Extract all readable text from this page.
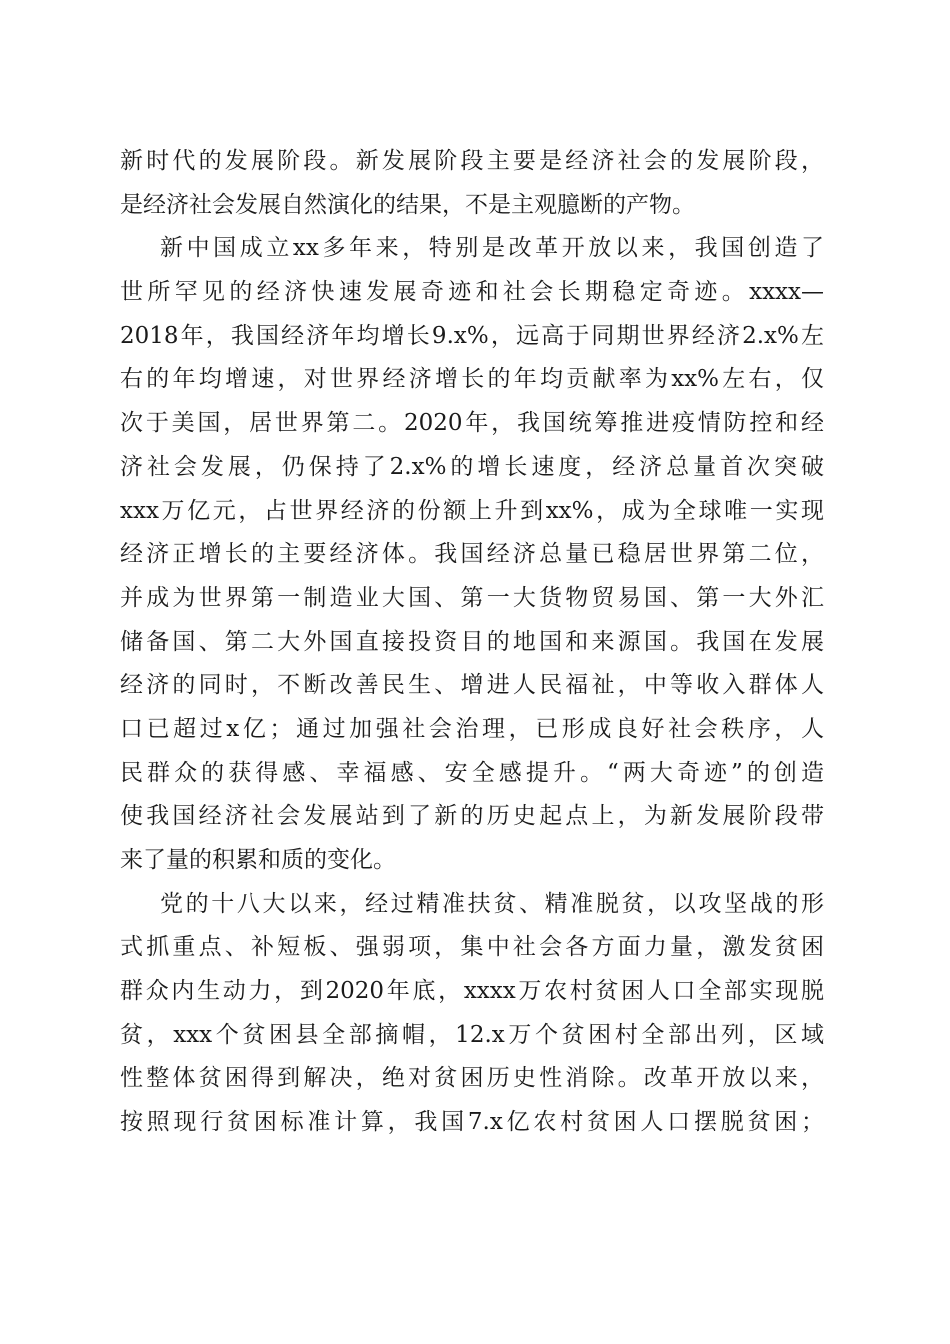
新时代的发展阶段。新发展阶段主要是经济社会的发展阶段，
是经济社会发展自然演化的结果，不是主观臆断的产物。
新中国成立xx多年来，特别是改革开放以来，我国创造了
世所罕见的经济快速发展奇迹和社会长期稳定奇迹。xxxx—
2018年，我国经济年均增长9.x%，远高于同期世界经济2.x%左
右的年均增速，对世界经济增长的年均贡献率为xx%左右，仅
次于美国，居世界第二。2020年，我国统筹推进疫情防控和经
济社会发展，仍保持了2.x%的增长速度，经济总量首次突破
xxx万亿元，占世界经济的份额上升到xx%，成为全球唯一实现
经济正增长的主要经济体。我国经济总量已稳居世界第二位，
并成为世界第一制造业大国、第一大货物贸易国、第一大外汇
储备国、第二大外国直接投资目的地国和来源国。我国在发展
经济的同时，不断改善民生、增进人民福祉，中等收入群体人
口已超过x亿；通过加强社会治理，已形成良好社会秩序，人
民群众的获得感、幸福感、安全感提升。“两大奇迹”的创造
使我国经济社会发展站到了新的历史起点上，为新发展阶段带
来了量的积累和质的变化。
党的十八大以来，经过精准扶贫、精准脱贫，以攻坚战的形
式抓重点、补短板、强弱项，集中社会各方面力量，激发贫困
群众内生动力，到2020年底，xxxx万农村贫困人口全部实现脱
贫，xxx个贫困县全部摘帽，12.x万个贫困村全部出列，区域
性整体贫困得到解决，绝对贫困历史性消除。改革开放以来，
按照现行贫困标准计算，我国7.x亿农村贫困人口摆脱贫困；
